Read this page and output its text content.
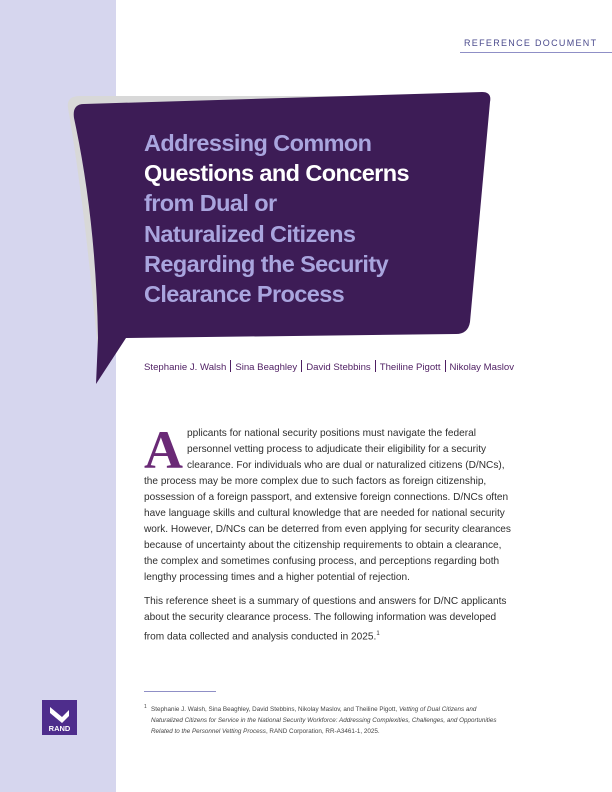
REFERENCE DOCUMENT
Addressing Common
Questions and Concerns
from Dual or
Naturalized Citizens
Regarding the Security
Clearance Process
Stephanie J. Walsh Sina Beaghley David Stebbins Theiline Pigott Nikolay Maslov

Applicants for national security positions must navigate the federal personnel vetting process to adjudicate their eligibility for a security clearance. For individuals who are dual or naturalized citizens (D/NCs), the process may be more complex due to such factors as foreign citizenship, possession of a foreign passport, and extensive foreign connections. D/NCs often have language skills and cultural knowledge that are needed for national security work. However, D/NCs can be deterred from even applying for security clearances because of uncertainty about the citizenship requirements to obtain a clearance, the complex and sometimes confusing process, and perceptions regarding both lengthy processing times and a higher potential of rejection.

This reference sheet is a summary of questions and answers for D/NC applicants about the security clearance process. The following information was developed from data collected and analysis conducted in 2025.$^1$

1 Stephanie J. Walsh, Sina Beaghley, David Stebbins, Nikolay Maslov, and Theiline Pigott, Vetting of Dual Citizens and Naturalized Citizens for Service in the National Security Workforce: Addressing Complexities, Challenges, and Opportunities Related to the Personnel Vetting Process, RAND Corporation, RR-A3461-1, 2025.
RAND
